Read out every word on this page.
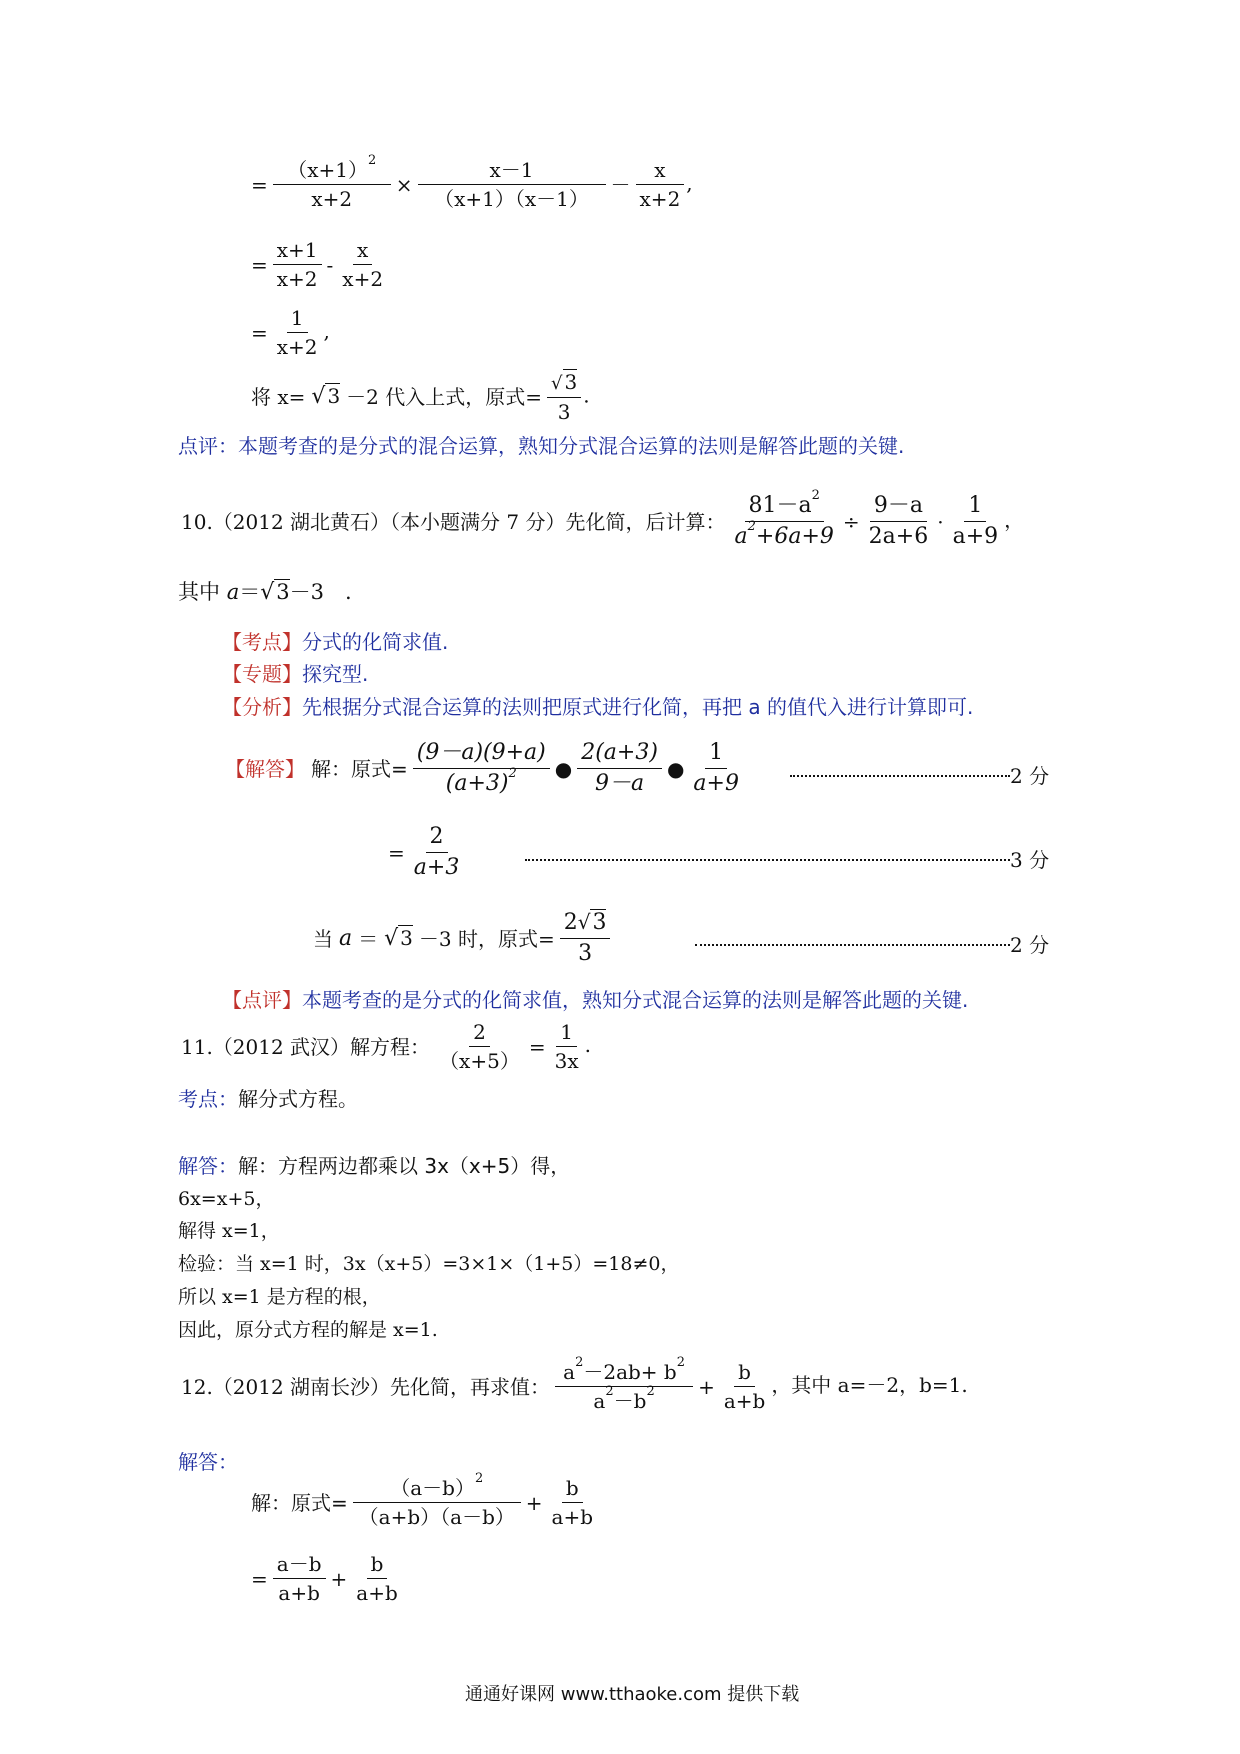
= $\frac{(x+1)^2}{x+2} \times \frac{x-1}{(x+1)(x-1)} - \frac{x}{x+2}$ ,
= $\frac{x+1}{x+2} - \frac{x}{x+2}$
= $\frac{1}{x+2}$ ,
将 x= √ 3 －2 代入上式，原式= $\frac{√ 3}{3}$ .
点评：本题考查的是分式的混合运算，熟知分式混合运算的法则是解答此题的关键.
10.（2012 湖北黄石）（本小题满分 7 分）先化简，后计算： $\frac{81-a^2}{a^2+6a+9} \div \frac{9-a}{2a+6} \cdot \frac{1}{a+9}$ ，
其中 a＝√3－3　.
【考点】分式的化简求值.
【专题】探究型.
【分析】先根据分式混合运算的法则把原式进行化简，再把 a 的值代入进行计算即可.
【解答】 解：原式= $\frac{(9-a)(9+a)}{(a+3)^2}$ ● $\frac{2(a+3)}{9-a}$ ● $\frac{1}{a+9}$	2 分
= $\frac{2}{a+3}$	3 分
当a ＝ √ 3 －3 时，原式= $\frac{2√3}{3}$	2 分
【点评】本题考查的是分式的化简求值，熟知分式混合运算的法则是解答此题的关键.
11.（2012 武汉）解方程： $\frac{2}{(x+5)} = \frac{1}{3x}$ .
考点：解分式方程。
解答：解：方程两边都乘以 3x（x+5）得，
6x=x+5，
解得 x=1，
检验：当 x=1 时，3x（x+5）=3×1×（1+5）=18≠0，
所以 x=1 是方程的根，
因此，原分式方程的解是 x=1.
12.（2012 湖南长沙）先化简，再求值： $\frac{a^2-2ab+ b^2}{a^2-b^2} + \frac{b}{a+b}$ ，其中 a=－2，b=1.
解答：
解：原式= $\frac{(a-b)^2}{(a+b)(a-b)} + \frac{b}{a+b}$
= $\frac{a-b}{a+b} + \frac{b}{a+b}$
通通好课网 www.tthaoke.com 提供下载
